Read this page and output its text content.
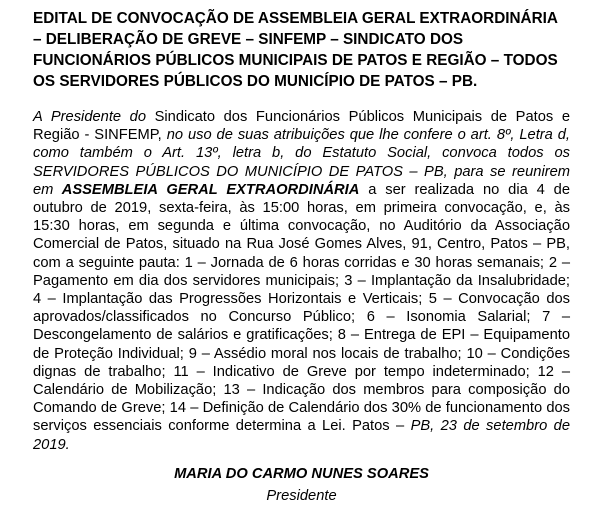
EDITAL DE CONVOCAÇÃO DE ASSEMBLEIA GERAL EXTRAORDINÁRIA – DELIBERAÇÃO DE GREVE – SINFEMP – SINDICATO DOS FUNCIONÁRIOS PÚBLICOS MUNICIPAIS DE PATOS E REGIÃO – TODOS OS SERVIDORES PÚBLICOS DO MUNICÍPIO DE PATOS – PB.

A Presidente do Sindicato dos Funcionários Públicos Municipais de Patos e Região - SINFEMP, no uso de suas atribuições que lhe confere o art. 8º, Letra d, como também o Art. 13º, letra b, do Estatuto Social, convoca todos os SERVIDORES PÚBLICOS DO MUNICÍPIO DE PATOS – PB, para se reunirem em ASSEMBLEIA GERAL EXTRAORDINÁRIA a ser realizada no dia 4 de outubro de 2019, sexta-feira, às 15:00 horas, em primeira convocação, e, às 15:30 horas, em segunda e última convocação, no Auditório da Associação Comercial de Patos, situado na Rua José Gomes Alves, 91, Centro, Patos – PB, com a seguinte pauta: 1 – Jornada de 6 horas corridas e 30 horas semanais; 2 – Pagamento em dia dos servidores municipais; 3 – Implantação da Insalubridade; 4 – Implantação das Progressões Horizontais e Verticais; 5 – Convocação dos aprovados/classificados no Concurso Público; 6 – Isonomia Salarial; 7 – Descongelamento de salários e gratificações; 8 – Entrega de EPI – Equipamento de Proteção Individual; 9 – Assédio moral nos locais de trabalho; 10 – Condições dignas de trabalho; 11 – Indicativo de Greve por tempo indeterminado; 12 – Calendário de Mobilização; 13 – Indicação dos membros para composição do Comando de Greve; 14 – Definição de Calendário dos 30% de funcionamento dos serviços essenciais conforme determina a Lei. Patos – PB, 23 de setembro de 2019.

MARIA DO CARMO NUNES SOARES

Presidente
